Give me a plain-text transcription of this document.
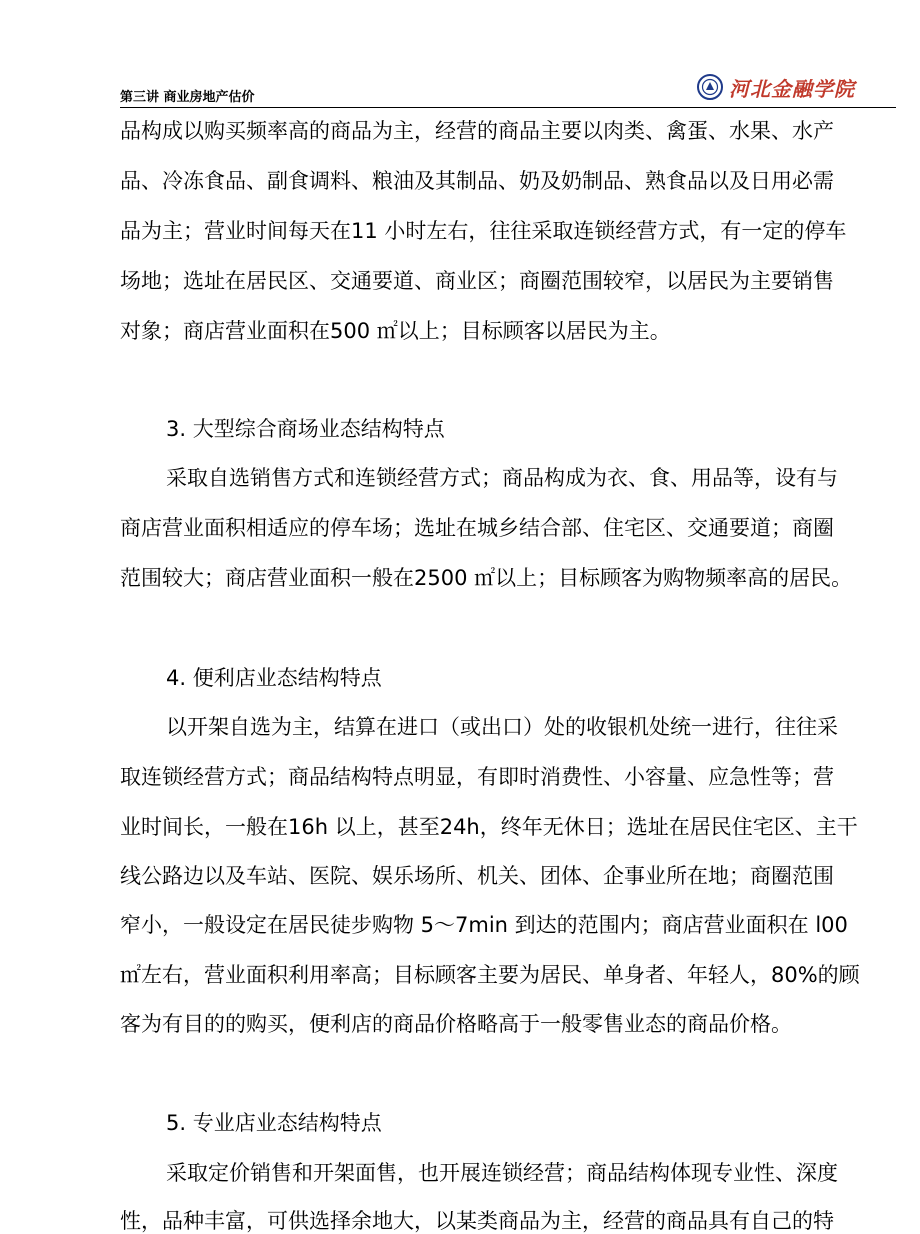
第三讲 商业房地产估价	河北金融学院
品构成以购买频率高的商品为主，经营的商品主要以肉类、禽蛋、水果、水产
品、冷冻食品、副食调料、粮油及其制品、奶及奶制品、熟食品以及日用必需
品为主；营业时间每天在11 小时左右，往往采取连锁经营方式，有一定的停车
场地；选址在居民区、交通要道、商业区；商圈范围较窄，以居民为主要销售
对象；商店营业面积在500 ㎡以上；目标顾客以居民为主。
3. 大型综合商场业态结构特点
采取自选销售方式和连锁经营方式；商品构成为衣、食、用品等，设有与
商店营业面积相适应的停车场；选址在城乡结合部、住宅区、交通要道；商圈
范围较大；商店营业面积一般在2500 ㎡以上；目标顾客为购物频率高的居民。
4. 便利店业态结构特点
以开架自选为主，结算在进口（或出口）处的收银机处统一进行，往往采
取连锁经营方式；商品结构特点明显，有即时消费性、小容量、应急性等；营
业时间长，一般在16h 以上，甚至24h，终年无休日；选址在居民住宅区、主干
线公路边以及车站、医院、娱乐场所、机关、团体、企事业所在地；商圈范围
窄小，一般设定在居民徒步购物 5～7min 到达的范围内；商店营业面积在 l00
㎡左右，营业面积利用率高；目标顾客主要为居民、单身者、年轻人，80%的顾
客为有目的的购买，便利店的商品价格略高于一般零售业态的商品价格。
5. 专业店业态结构特点
采取定价销售和开架面售，也开展连锁经营；商品结构体现专业性、深度
性，品种丰富，可供选择余地大，以某类商品为主，经营的商品具有自己的特
